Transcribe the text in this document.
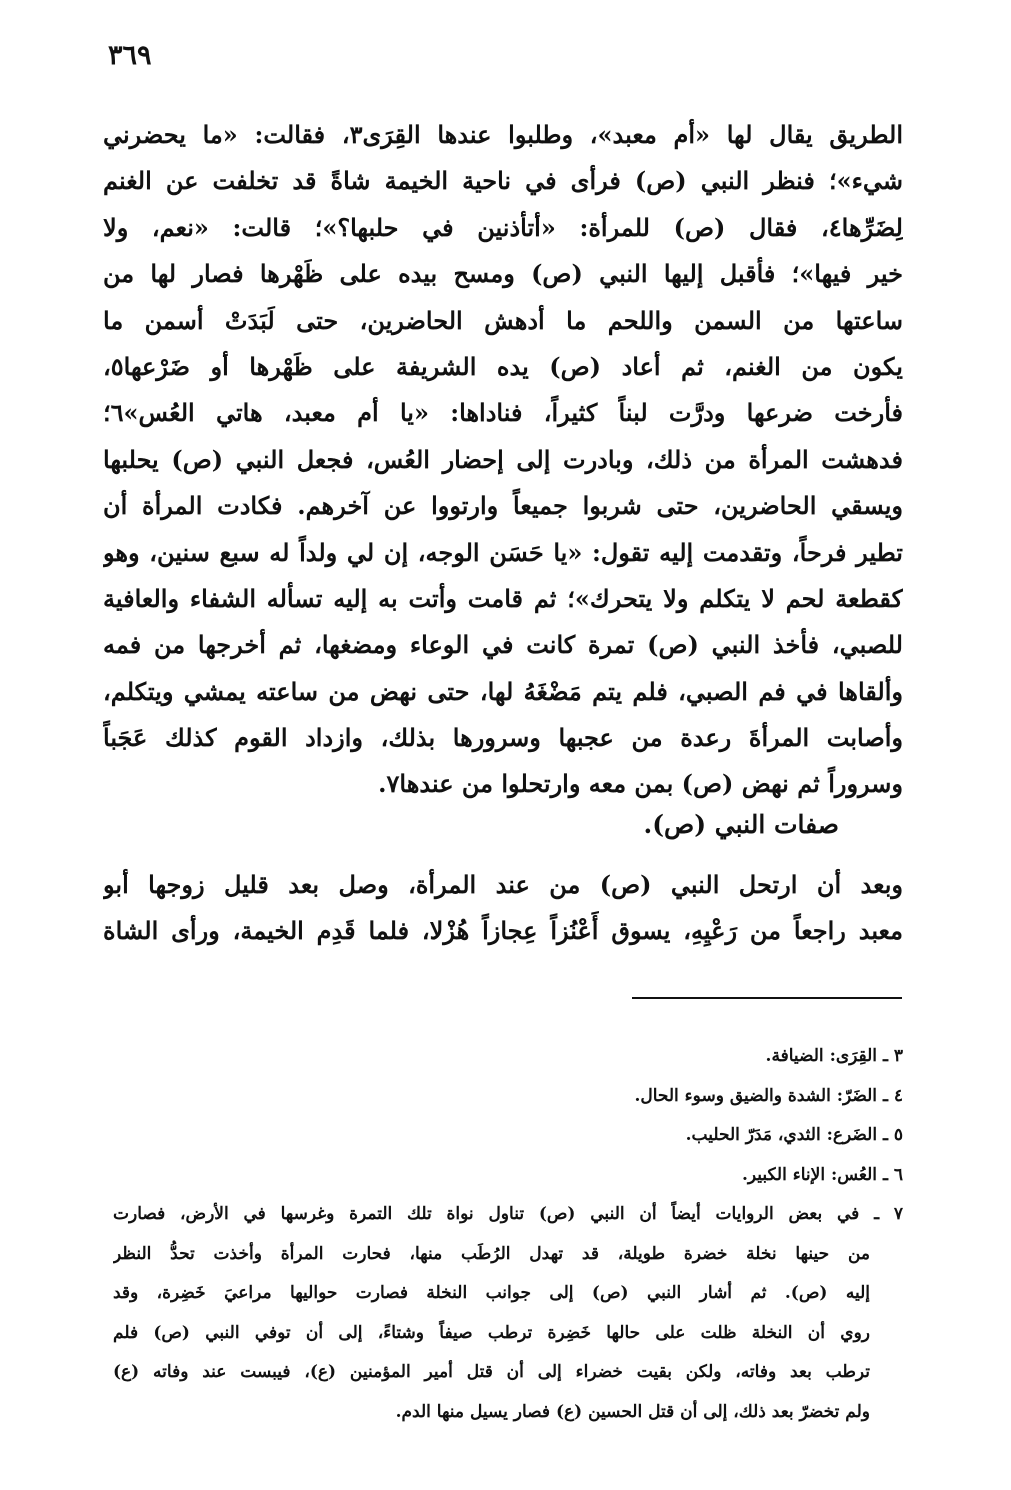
٣٦٩
الطريق يقال لها «أم معبد»، وطلبوا عندها القِرَى٣، فقالت: «ما يحضرني
شيء»؛ فنظر النبي (ص) فرأى في ناحية الخيمة شاةً قد تخلفت عن الغنم
لِضَرِّها٤، فقال (ص) للمرأة: «أتأذنين في حلبها؟»؛ قالت: «نعم، ولا
خير فيها»؛ فأقبل إليها النبي (ص) ومسح بيده على ظَهْرها فصار لها من
ساعتها من السمن واللحم ما أدهش الحاضرين، حتى لَبَدَتْ أسمن ما
يكون من الغنم، ثم أعاد (ص) يده الشريفة على ظَهْرها أو ضَرْعها٥،
فأرخت ضرعها ودرَّت لبناً كثيراً، فناداها: «يا أم معبد، هاتي العُس»٦؛
فدهشت المرأة من ذلك، وبادرت إلى إحضار العُس، فجعل النبي (ص) يحلبها
ويسقي الحاضرين، حتى شربوا جميعاً وارتووا عن آخرهم. فكادت المرأة أن
تطير فرحاً، وتقدمت إليه تقول: «يا حَسَن الوجه، إن لي ولداً له سبع سنين، وهو
كقطعة لحم لا يتكلم ولا يتحرك»؛ ثم قامت وأتت به إليه تسأله الشفاء والعافية
للصبي، فأخذ النبي (ص) تمرة كانت في الوعاء ومضغها، ثم أخرجها من فمه
وألقاها في فم الصبي، فلم يتم مَضْغَهُ لها، حتى نهض من ساعته يمشي ويتكلم،
وأصابت المرأةَ رعدة من عجبها وسرورها بذلك، وازداد القوم كذلك عَجَباً
وسروراً ثم نهض (ص) بمن معه وارتحلوا من عندها٧.
صفات النبي (ص).
وبعد أن ارتحل النبي (ص) من عند المرأة، وصل بعد قليل زوجها أبو
معبد راجعاً من رَعْيِهِ، يسوق أَعْنُزاً عِجازاً هُزْلا، فلما قَدِم الخيمة، ورأى الشاة
٣ ـ القِرَى: الضيافة.
٤ ـ الضَرّ: الشدة والضيق وسوء الحال.
٥ ـ الضَرع: الثدي، مَدَرّ الحليب.
٦ ـ العُس: الإناء الكبير.
٧ ـ في بعض الروايات أيضاً أن النبي (ص) تناول نواة تلك التمرة وغرسها في الأرض، فصارت
من حينها نخلة خضرة طويلة، قد تهدل الرُطَب منها، فحارت المرأة وأخذت تحدُّ النظر
إليه (ص). ثم أشار النبي (ص) إلى جوانب النخلة فصارت حواليها مراعيَ خَضِرة، وقد
روي أن النخلة ظلت على حالها خَضِرة ترطب صيفاً وشتاءً، إلى أن توفي النبي (ص) فلم
ترطب بعد وفاته، ولكن بقيت خضراء إلى أن قتل أمير المؤمنين (ع)، فيبست عند وفاته (ع)
ولم تخضرّ بعد ذلك، إلى أن قتل الحسين (ع) فصار يسيل منها الدم.
